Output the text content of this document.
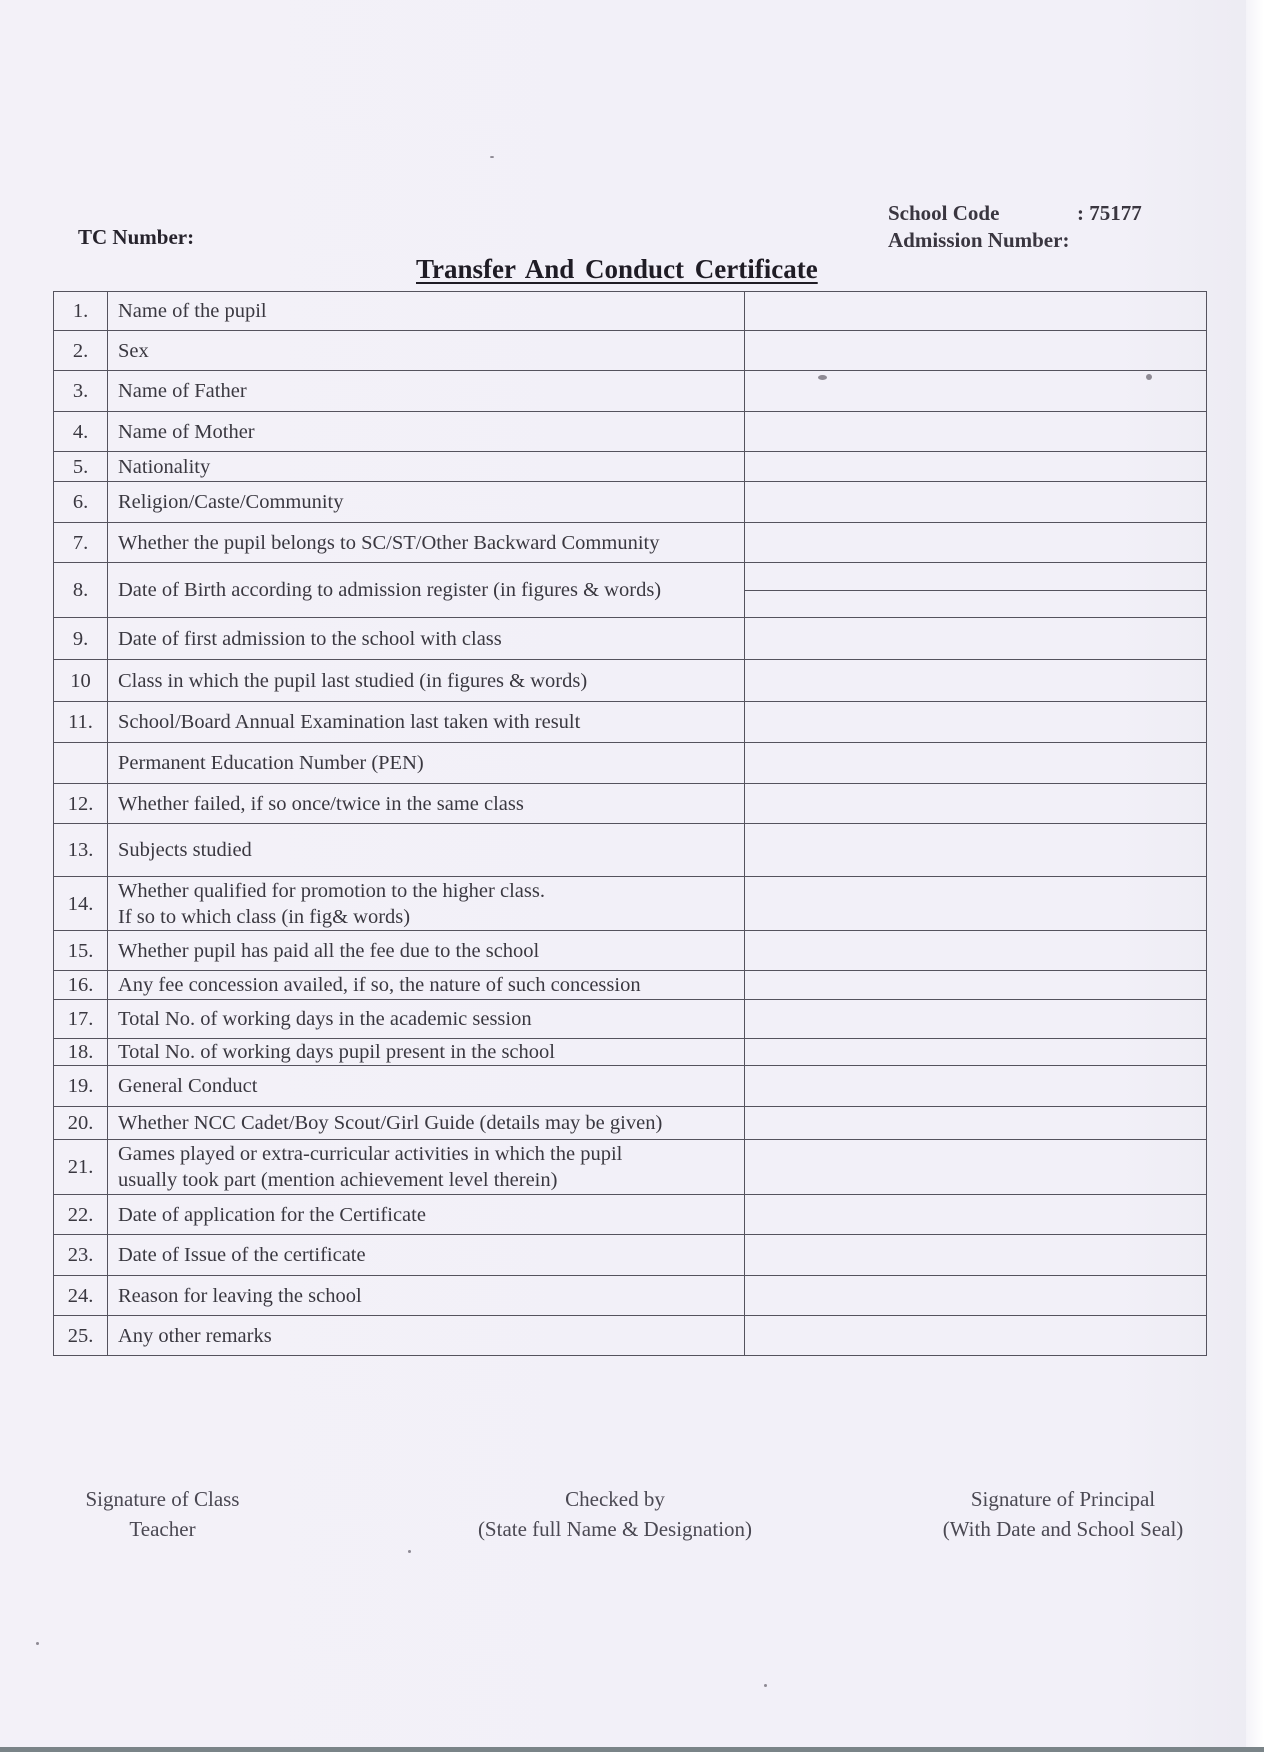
TC Number:
School Code	: 75177
Admission Number:
Transfer And Conduct Certificate
1.	Name of the pupil	
2.	Sex	
3.	Name of Father	
4.	Name of Mother	
5.	Nationality	
6.	Religion/Caste/Community	
7.	Whether the pupil belongs to SC/ST/Other Backward Community	
8.	Date of Birth according to admission register (in figures & words)	

9.	Date of first admission to the school with class	
10	Class in which the pupil last studied (in figures & words)	
11.	School/Board Annual Examination last taken with result	
	Permanent Education Number (PEN)	
12.	Whether failed, if so once/twice in the same class	
13.	Subjects studied	
14.	Whether qualified for promotion to the higher class.
If so to which class (in fig& words)	

15.	Whether pupil has paid all the fee due to the school	
16.	Any fee concession availed, if so, the nature of such concession	
17.	Total No. of working days in the academic session	
18.	Total No. of working days pupil present in the school	
19.	General Conduct	
20.	Whether NCC Cadet/Boy Scout/Girl Guide (details may be given)	
21.	Games played or extra-curricular activities in which the pupil
usually took part (mention achievement level therein)	

22.	Date of application for the Certificate	
23.	Date of Issue of the certificate	
24.	Reason for leaving the school	
25.	Any other remarks	
Signature of Class
Teacher
Checked by
(State full Name & Designation)
Signature of Principal
(With Date and School Seal)
